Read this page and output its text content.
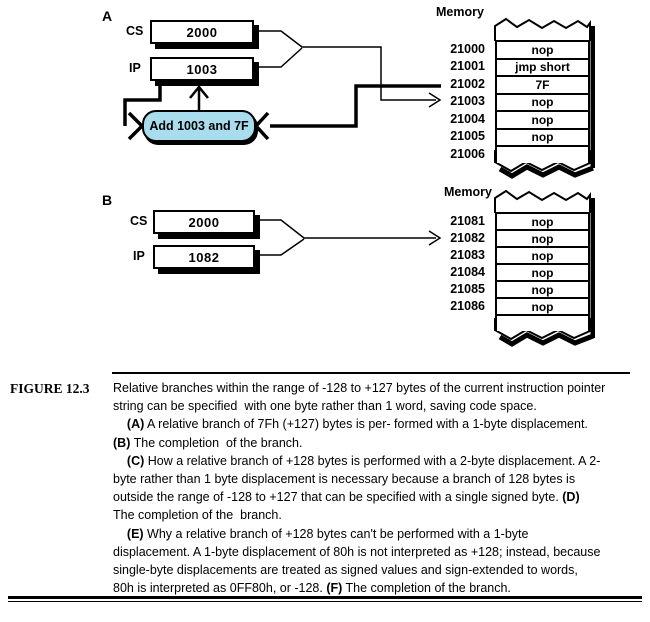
A
CS	2000
IP	1003
Add 1003 and 7F
Memory
21000	nop
21001	jmp short
21002	7F
21003	nop
21004	nop
21005	nop
21006
B
CS	2000
IP	1082
Memory
21081	nop
21082	nop
21083	nop
21084	nop
21085	nop
21086	nop
FIGURE 12.3 Relative branches within the range of -128 to +127 bytes of the current instruction pointer
string can be specified  with one byte rather than 1 word, saving code space.
(A) A relative branch of 7Fh (+127) bytes is per- formed with a 1-byte displacement.
(B) The completion  of the branch.
(C) How a relative branch of +128 bytes is performed with a 2-byte displacement. A 2-
byte rather than 1 byte displacement is necessary because a branch of 128 bytes is
outside the range of -128 to +127 that can be specified with a single signed byte. (D)
The completion of the  branch.
(E) Why a relative branch of +128 bytes can't be performed with a 1-byte
displacement. A 1-byte displacement of 80h is not interpreted as +128; instead, because
single-byte displacements are treated as signed values and sign-extended to words,
80h is interpreted as 0FF80h, or -128. (F) The completion of the branch.
